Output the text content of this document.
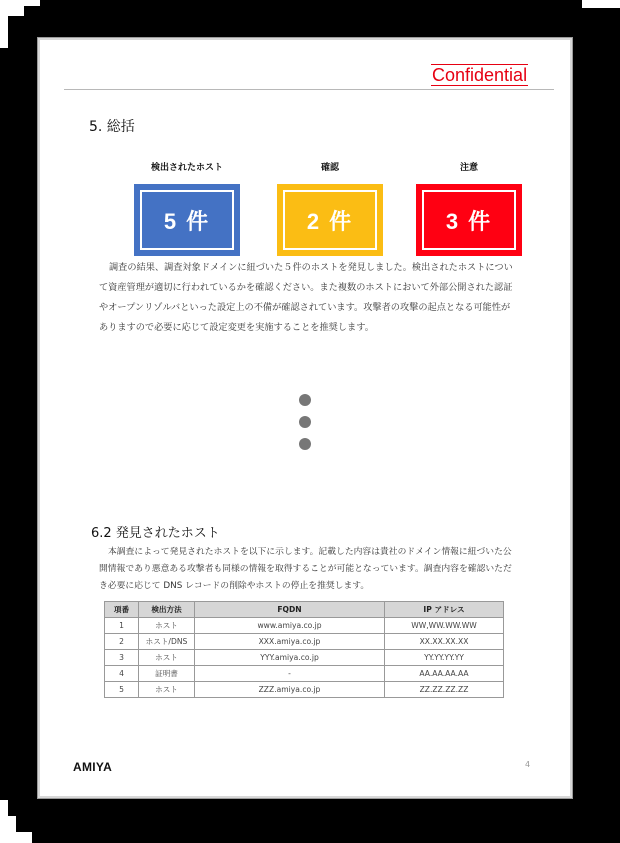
Confidential
5. 総括
検出されたホスト
5 件
確認
2 件
注意
3 件
調査の結果、調査対象ドメインに紐づいた５件のホストを発見しました。検出されたホストについて資産管理が適切に行われているかを確認ください。また複数のホストにおいて外部公開された認証やオープンリゾルバといった設定上の不備が確認されています。攻撃者の攻撃の起点となる可能性がありますので必要に応じて設定変更を実施することを推奨します。
6.2 発見されたホスト
本調査によって発見されたホストを以下に示します。記載した内容は貴社のドメイン情報に紐づいた公開情報であり悪意ある攻撃者も同様の情報を取得することが可能となっています。調査内容を確認いただき必要に応じて DNS レコードの削除やホストの停止を推奨します。
項番	検出方法	FQDN	IP アドレス
1	ホスト	www.amiya.co.jp	WW,WW.WW.WW
2	ホスト/DNS	XXX.amiya.co.jp	XX.XX.XX.XX
3	ホスト	YYY.amiya.co.jp	YY.YY.YY.YY
4	証明書	-	AA.AA.AA.AA
5	ホスト	ZZZ.amiya.co.jp	ZZ.ZZ.ZZ.ZZ
AMIYA	4
